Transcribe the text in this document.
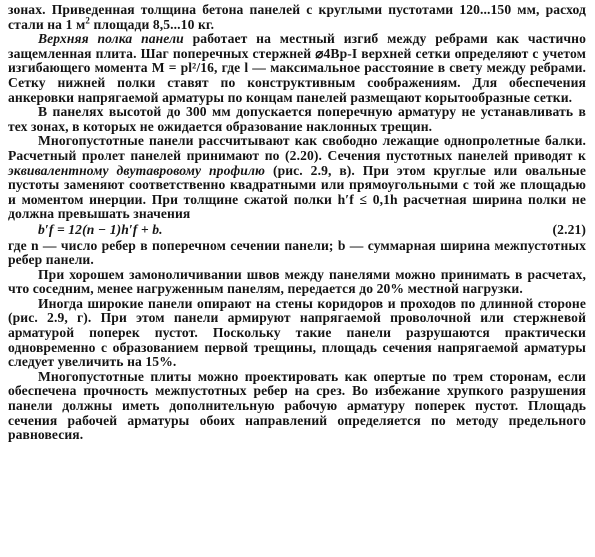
зонах. Приведенная толщина бетона панелей с круглыми пустотами 120...150 мм, расход стали на 1 $м^2$ площади 8,5...10 кг.

Верхняя полка панели работает на местный изгиб между ребрами как частично защемленная плита. Шаг поперечных стержней ⌀4Вр-I верхней сетки определяют с учетом изгибающего момента M = pl²/16, где l — максимальное расстояние в свету между ребрами. Сетку нижней полки ставят по конструктивным соображениям. Для обеспечения анкеровки напрягаемой арматуры по концам панелей размещают корытообразные сетки.

В панелях высотой до 300 мм допускается поперечную арматуру не устанавливать в тех зонах, в которых не ожидается образование наклонных трещин.

Многопустотные панели рассчитывают как свободно лежащие однопролетные балки. Расчетный пролет панелей принимают по (2.20). Сечения пустотных панелей приводят к эквивалентному двутавровому профилю (рис. 2.9, в). При этом круглые или овальные пустоты заменяют соответственно квадратными или прямоугольными с той же площадью и моментом инерции. При толщине сжатой полки h′f ≤ 0,1h расчетная ширина полки не должна превышать значения

b′f = 12(n − 1)h′f + b.	(2.21)

где n — число ребер в поперечном сечении панели; b — суммарная ширина межпустотных ребер панели.

При хорошем замоноличивании швов между панелями можно принимать в расчетах, что соседним, менее нагруженным панелям, передается до 20% местной нагрузки.

Иногда широкие панели опирают на стены коридоров и проходов по длинной стороне (рис. 2.9, г). При этом панели армируют напрягаемой проволочной или стержневой арматурой поперек пустот. Поскольку такие панели разрушаются практически одновременно с образованием первой трещины, площадь сечения напрягаемой арматуры следует увеличить на 15%.

Многопустотные плиты можно проектировать как опертые по трем сторонам, если обеспечена прочность межпустотных ребер на срез. Во избежание хрупкого разрушения панели должны иметь дополнительную рабочую арматуру поперек пустот. Площадь сечения рабочей арматуры обоих направлений определяется по методу предельного равновесия.
